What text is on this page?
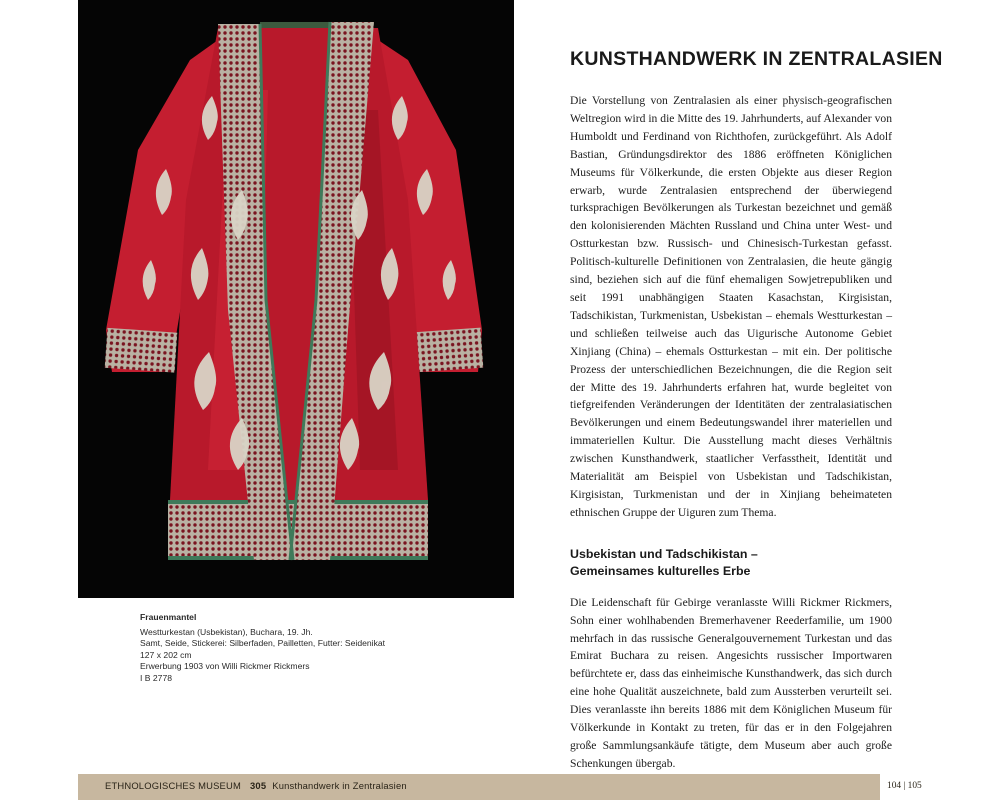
Frauenmantel
Westturkestan (Usbekistan), Buchara, 19. Jh.
Samt, Seide, Stickerei: Silberfaden, Pailletten, Futter: Seidenikat
127 x 202 cm
Erwerbung 1903 von Willi Rickmer Rickmers
I B 2778
KUNSTHANDWERK IN ZENTRALASIEN

Die Vorstellung von Zentralasien als einer physisch-geografischen Weltregion wird in die Mitte des 19. Jahrhunderts, auf Alexander von Humboldt und Ferdinand von Richthofen, zurückgeführt. Als Adolf Bastian, Gründungsdirektor des 1886 eröffneten Königlichen Museums für Völkerkunde, die ersten Objekte aus dieser Region erwarb, wurde Zentralasien entsprechend der überwiegend turksprachigen Bevölkerungen als Turkestan bezeichnet und gemäß den kolonisierenden Mächten Russland und China unter West- und Ostturkestan bzw. Russisch- und Chinesisch-Turkestan gefasst. Politisch-kulturelle Definitionen von Zentralasien, die heute gängig sind, beziehen sich auf die fünf ehemaligen Sowjetrepubliken und seit 1991 unabhängigen Staaten Kasachstan, Kirgisistan, Tadschikistan, Turkmenistan, Usbekistan – ehemals Westturkestan – und schließen teilweise auch das Uigurische Autonome Gebiet Xinjiang (China) – ehemals Ostturkestan – mit ein. Der politische Prozess der unterschiedlichen Bezeichnungen, die die Region seit der Mitte des 19. Jahrhunderts erfahren hat, wurde begleitet von tiefgreifenden Veränderungen der Identitäten der zentralasiatischen Bevölkerungen und einem Bedeutungswandel ihrer materiellen und immateriellen Kultur. Die Ausstellung macht dieses Verhältnis zwischen Kunsthandwerk, staatlicher Verfasstheit, Identität und Materialität am Beispiel von Usbekistan und Tadschikistan, Kirgisistan, Turkmenistan und der in Xinjiang beheimateten ethnischen Gruppe der Uiguren zum Thema.

Usbekistan und Tadschikistan –
Gemeinsames kulturelles Erbe

Die Leidenschaft für Gebirge veranlasste Willi Rickmer Rickmers, Sohn einer wohlhabenden Bremerhavener Reederfamilie, um 1900 mehrfach in das russische Generalgouvernement Turkestan und das Emirat Buchara zu reisen. Angesichts russischer Importwaren befürchtete er, dass das einheimische Kunsthandwerk, das sich durch eine hohe Qualität auszeichnete, bald zum Aussterben verurteilt sei. Dies veranlasste ihn bereits 1886 mit dem Königlichen Museum für Völkerkunde in Kontakt zu treten, für das er in den Folgejahren große Sammlungsankäufe tätigte, dem Museum aber auch große Schenkungen übergab.

ETHNOLOGISCHES MUSEUM 305 Kunsthandwerk in Zentralasien	104 | 105
